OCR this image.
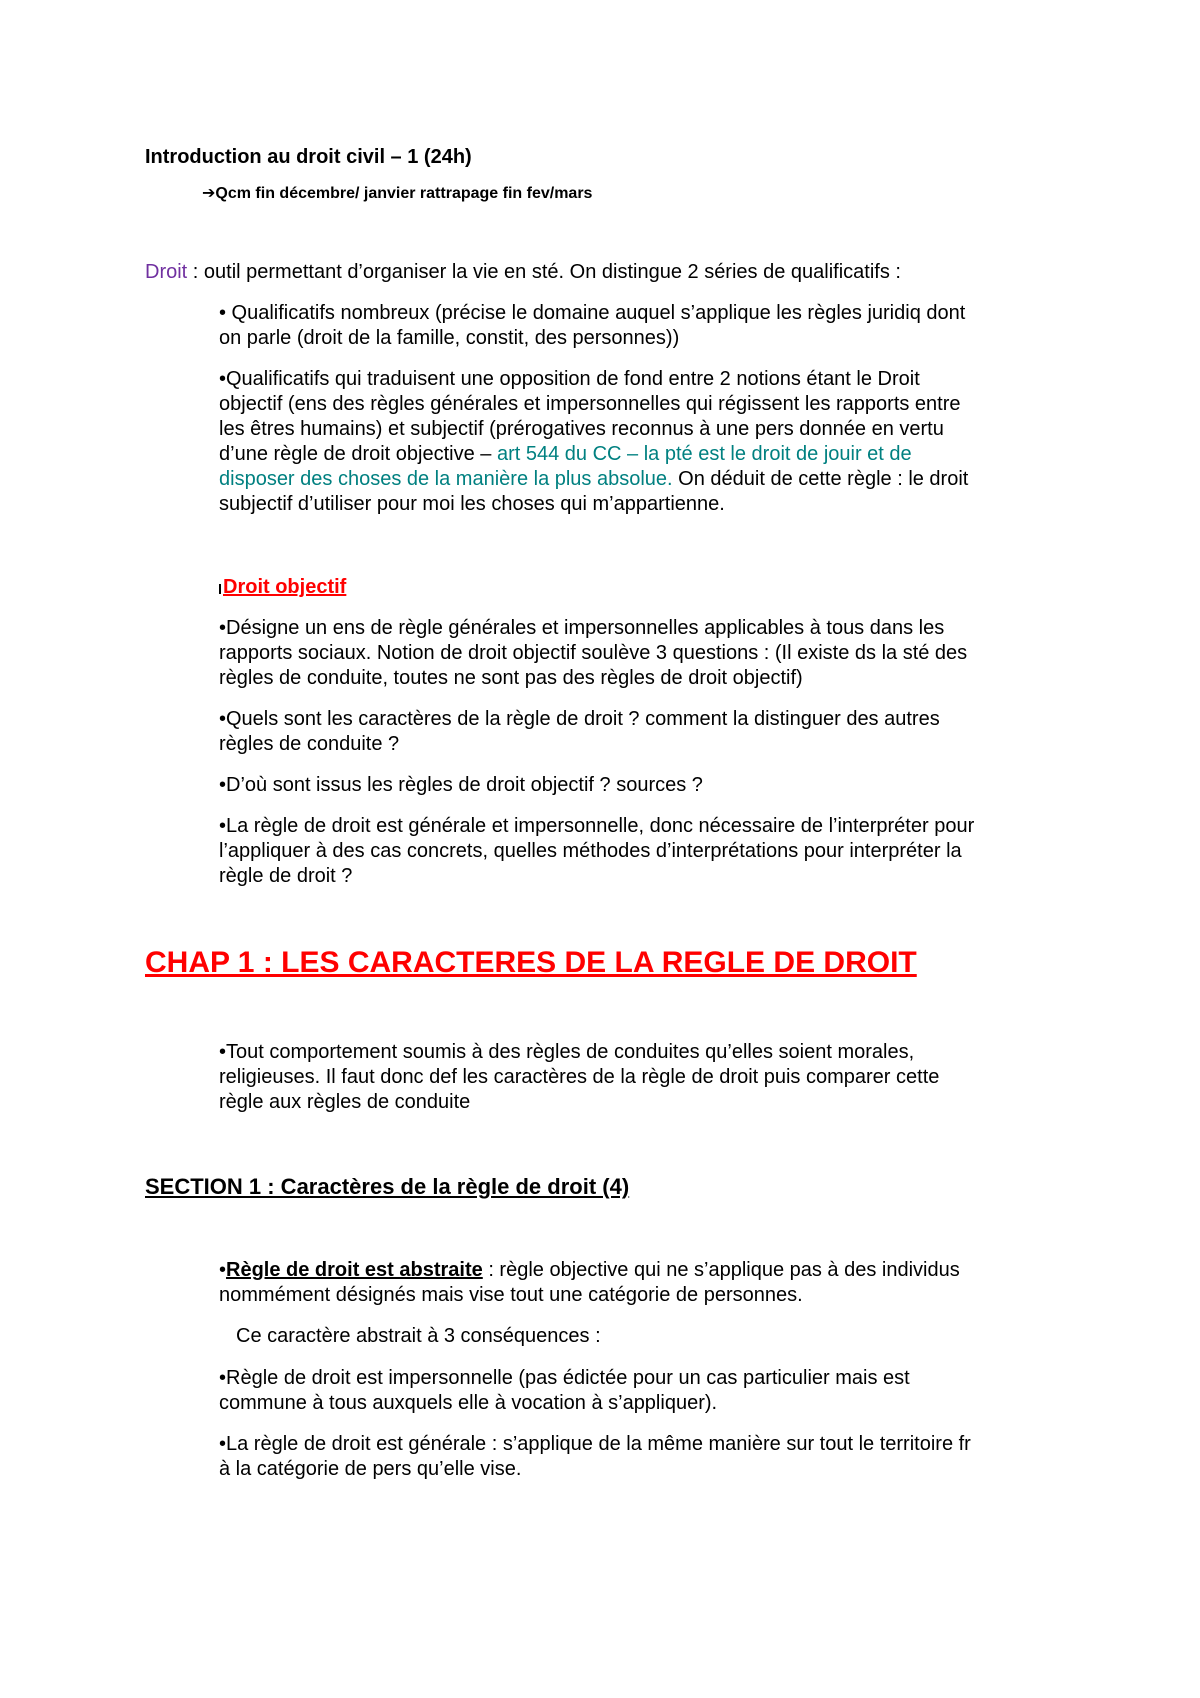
Introduction au droit civil – 1 (24h)
➔Qcm fin décembre/ janvier rattrapage fin fev/mars
Droit : outil permettant d’organiser la vie en sté. On distingue 2 séries de qualificatifs :
• Qualificatifs nombreux (précise le domaine auquel s’applique les règles juridiq dont
on parle (droit de la famille, constit, des personnes))
•Qualificatifs qui traduisent une opposition de fond entre 2 notions étant le Droit
objectif (ens des règles générales et impersonnelles qui régissent les rapports entre
les êtres humains) et subjectif (prérogatives reconnus à une pers donnée en vertu
d’une règle de droit objective – art 544 du CC – la pté est le droit de jouir et de
disposer des choses de la manière la plus absolue. On déduit de cette règle : le droit
subjectif d’utiliser pour moi les choses qui m’appartienne.
Droit objectif
•Désigne un ens de règle générales et impersonnelles applicables à tous dans les
rapports sociaux. Notion de droit objectif soulève 3 questions : (Il existe ds la sté des
règles de conduite, toutes ne sont pas des règles de droit objectif)
•Quels sont les caractères de la règle de droit ? comment la distinguer des autres
règles de conduite ?
•D’où sont issus les règles de droit objectif ? sources ?
•La règle de droit est générale et impersonnelle, donc nécessaire de l’interpréter pour
l’appliquer à des cas concrets, quelles méthodes d’interprétations pour interpréter la
règle de droit ?
CHAP 1 : LES CARACTERES DE LA REGLE DE DROIT
•Tout comportement soumis à des règles de conduites qu’elles soient morales,
religieuses. Il faut donc def les caractères de la règle de droit puis comparer cette
règle aux règles de conduite
SECTION 1 : Caractères de la règle de droit (4)
•Règle de droit est abstraite : règle objective qui ne s’applique pas à des individus
nommément désignés mais vise tout une catégorie de personnes.
Ce caractère abstrait à 3 conséquences :
•Règle de droit est impersonnelle (pas édictée pour un cas particulier mais est
commune à tous auxquels elle à vocation à s’appliquer).
•La règle de droit est générale : s’applique de la même manière sur tout le territoire fr
à la catégorie de pers qu’elle vise.
